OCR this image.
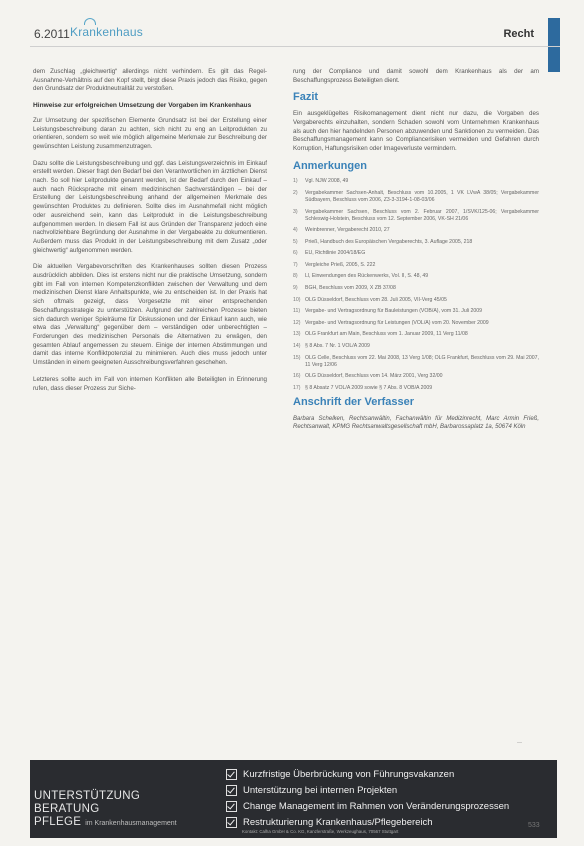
6.2011 Krankenhaus	Recht

dem Zuschlag „gleichwertig“ allerdings nicht verhindern. Es gilt das Regel-Ausnahme-Verhältnis auf den Kopf stellt, birgt diese Praxis jedoch das Risiko, gegen den Grundsatz der Produktneutralität zu verstoßen.

Hinweise zur erfolgreichen Umsetzung der Vorgaben im Krankenhaus

Zur Umsetzung der spezifischen Elemente Grundsatz ist bei der Erstellung einer Leistungsbeschreibung daran zu achten, sich nicht zu eng an Leitprodukten zu orientieren, sondern so weit wie möglich allgemeine Merkmale zur Beschreibung der gewünschten Leistung zusammenzutragen.

Dazu sollte die Leistungsbeschreibung und ggf. das Leistungsverzeichnis im Einkauf erstellt werden. Dieser fragt den Bedarf bei den Verantwortlichen im ärztlichen Dienst nach. So soll hier Leitprodukte genannt werden, ist der Bedarf durch den Einkauf – auch nach Rücksprache mit einem medizinischen Sachverständigen – bei der Erstellung der Leistungsbeschreibung anhand der allgemeinen Merkmale des gewünschten Produktes zu definieren. Sollte dies im Ausnahmefall nicht möglich oder ausreichend sein, kann das Leitprodukt in die Leistungsbeschreibung aufgenommen werden. In diesem Fall ist aus Gründen der Transparenz jedoch eine nachvollziehbare Begründung der Ausnahme in der Vergabeakte zu dokumentieren. Außerdem muss das Produkt in der Leistungsbeschreibung mit dem Zusatz „oder gleichwertig“ aufgenommen werden.

Die aktuellen Vergabevorschriften des Krankenhauses sollten diesen Prozess ausdrücklich abbilden. Dies ist erstens nicht nur die praktische Umsetzung, sondern gibt im Fall von internen Kompetenzkonflikten zwischen der Verwaltung und dem medizinischen Dienst klare Anhaltspunkte, wie zu entscheiden ist. In der Praxis hat sich oftmals gezeigt, dass Vorgesetzte mit einer entsprechenden Beschaffungsstrategie zu unterstützen. Aufgrund der zahlreichen Prozesse bieten sich dadurch weniger Spielräume für Diskussionen und der Einkauf kann auch, wie etwa das „Verwaltung“ gegenüber dem – verständigen oder unberechtigten – Forderungen des medizinischen Personals die Alternativen zu erwägen, den gesamten Ablauf angemessen zu steuern. Einige der internen Abstimmungen und damit das interne Konfliktpotenzial zu minimieren. Auch dies muss jedoch unter Umständen in einem geeigneten Ausschreibungsverfahren geschehen.

Letzteres sollte auch im Fall von internen Konflikten alle Beteiligten in Erinnerung rufen, dass dieser Prozess zur Siche-

rung der Compliance und damit sowohl dem Krankenhaus als der am Beschaffungsprozess Beteiligten dient.

Fazit

Ein ausgeklügeltes Risikomanagement dient nicht nur dazu, die Vorgaben des Vergaberechts einzuhalten, sondern Schaden sowohl vom Unternehmen Krankenhaus als auch den hier handelnden Personen abzuwenden und Sanktionen zu vermeiden. Das Beschaffungsmanagement kann so Compliancerisiken vermeiden und Gefahren durch Korruption, Haftungsrisiken oder Imageverluste vermindern.

Anmerkungen
1)	Vgl. NJW 2008, 49
2)	Vergabekammer Sachsen-Anhalt, Beschluss vom 10.2005, 1 VK LVwA 38/05; Vergabekammer Südbayern, Beschluss vom 2006, Z3-3-3194-1-08-03/06
3)	Vergabekammer Sachsen, Beschluss vom 2. Februar 2007, 1/SVK/125-06; Vergabekammer Schleswig-Holstein, Beschluss vom 12. September 2006, VK-SH 21/06
4)	Weinbrenner, Vergaberecht 2010, 27
5)	Prieß, Handbuch des Europäischen Vergaberechts, 3. Auflage 2005, 218
6)	EU, Richtlinie 2004/18/EG
7)	Vergleiche Prieß, 2005, S. 222
8)	Ll, Einwendungen des Rückenwerks, Vol. II, S. 48, 49
9)	BGH, Beschluss vom 2009, X ZB 37/08
10) OLG Düsseldorf, Beschluss vom 28. Juli 2005, VII-Verg 45/05
11) Vergabe- und Vertragsordnung für Bauleistungen (VOB/A), vom 31. Juli 2009
12) Vergabe- und Vertragsordnung für Leistungen (VOL/A) vom 20. November 2009
13) OLG Frankfurt am Main, Beschluss vom 1. Januar 2009, 11 Verg 11/08
14) § 8 Abs. 7 Nr. 1 VOL/A 2009
15) OLG Celle, Beschluss vom 22. Mai 2008, 13 Verg 1/08; OLG Frankfurt, Beschluss vom 29. Mai 2007, 11 Verg 12/06
16) OLG Düsseldorf, Beschluss vom 14. März 2001, Verg 32/00
17) § 8 Absatz 7 VOL/A 2009 sowie § 7 Abs. 8 VOB/A 2009
Anschrift der Verfasser
Barbara Schelken, Rechtsanwältin, Fachanwältin für Medizinrecht, Marc Armin Frieß, Rechtsanwalt, KPMG Rechtsanwaltsgesellschaft mbH, Barbarossaplatz 1a, 50674 Köln
—
UNTERSTÜTZUNG
BERATUNG
PFLEGE im Krankenhausmanagement
Kurzfristige Überbrückung von Führungsvakanzen
Unterstützung bei internen Projekten
Change Management im Rahmen von Veränderungsprozessen
Restrukturierung Krankenhaus/Pflegebereich
Kontakt: Calha GmbH & Co. KG, Kanzlerstraße, Werkzeughaus, 70567 Stuttgart
533
